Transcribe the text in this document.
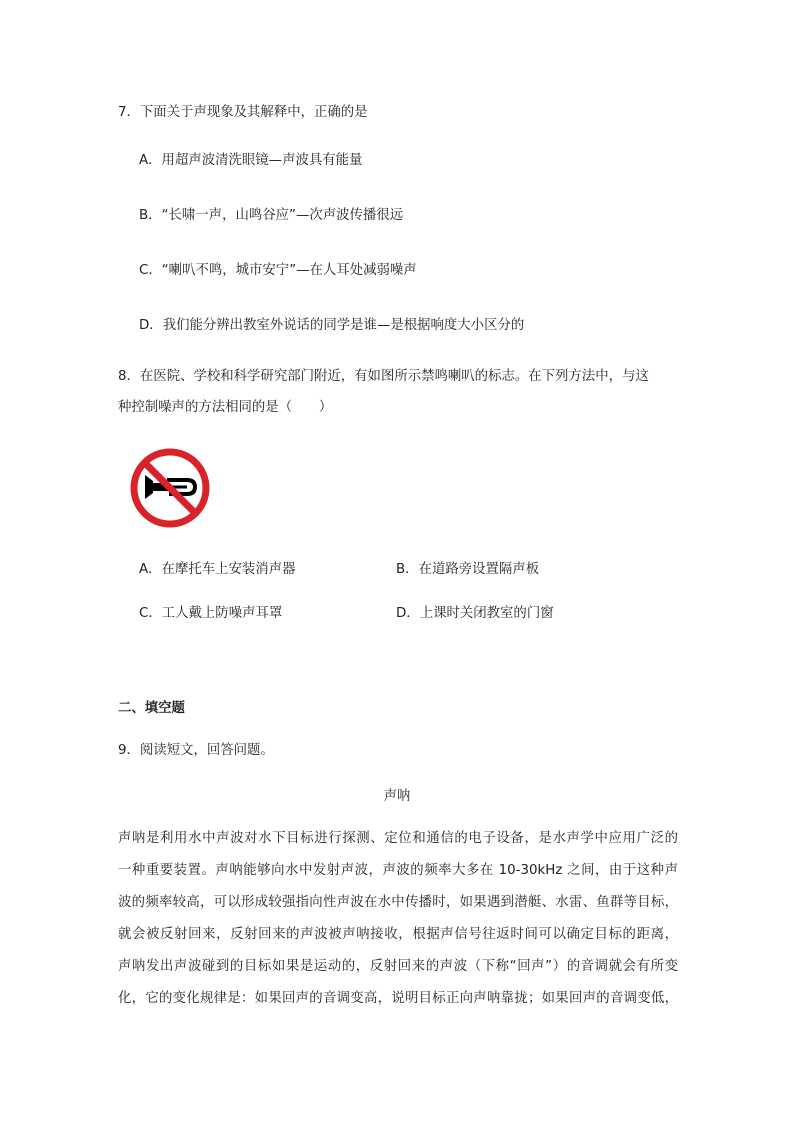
7．下面关于声现象及其解释中，正确的是
A．用超声波清洗眼镜—声波具有能量
B．“长啸一声，山鸣谷应”—次声波传播很远
C．“喇叭不鸣，城市安宁”—在人耳处减弱噪声
D．我们能分辨出教室外说话的同学是谁—是根据响度大小区分的
8．在医院、学校和科学研究部门附近，有如图所示禁鸣喇叭的标志。在下列方法中，与这
种控制噪声的方法相同的是（　　）
A．在摩托车上安装消声器	B．在道路旁设置隔声板
C．工人戴上防噪声耳罩	D．上课时关闭教室的门窗
二、填空题
9．阅读短文，回答问题。
声呐
声呐是利用水中声波对水下目标进行探测、定位和通信的电子设备，是水声学中应用广泛的
一种重要装置。声呐能够向水中发射声波，声波的频率大多在 10-30kHz 之间，由于这种声
波的频率较高，可以形成较强指向性声波在水中传播时，如果遇到潜艇、水雷、鱼群等目标，
就会被反射回来，反射回来的声波被声呐接收，根据声信号往返时间可以确定目标的距离，
声呐发出声波碰到的目标如果是运动的，反射回来的声波（下称“回声”）的音调就会有所变
化，它的变化规律是：如果回声的音调变高，说明目标正向声呐靠拢；如果回声的音调变低，
